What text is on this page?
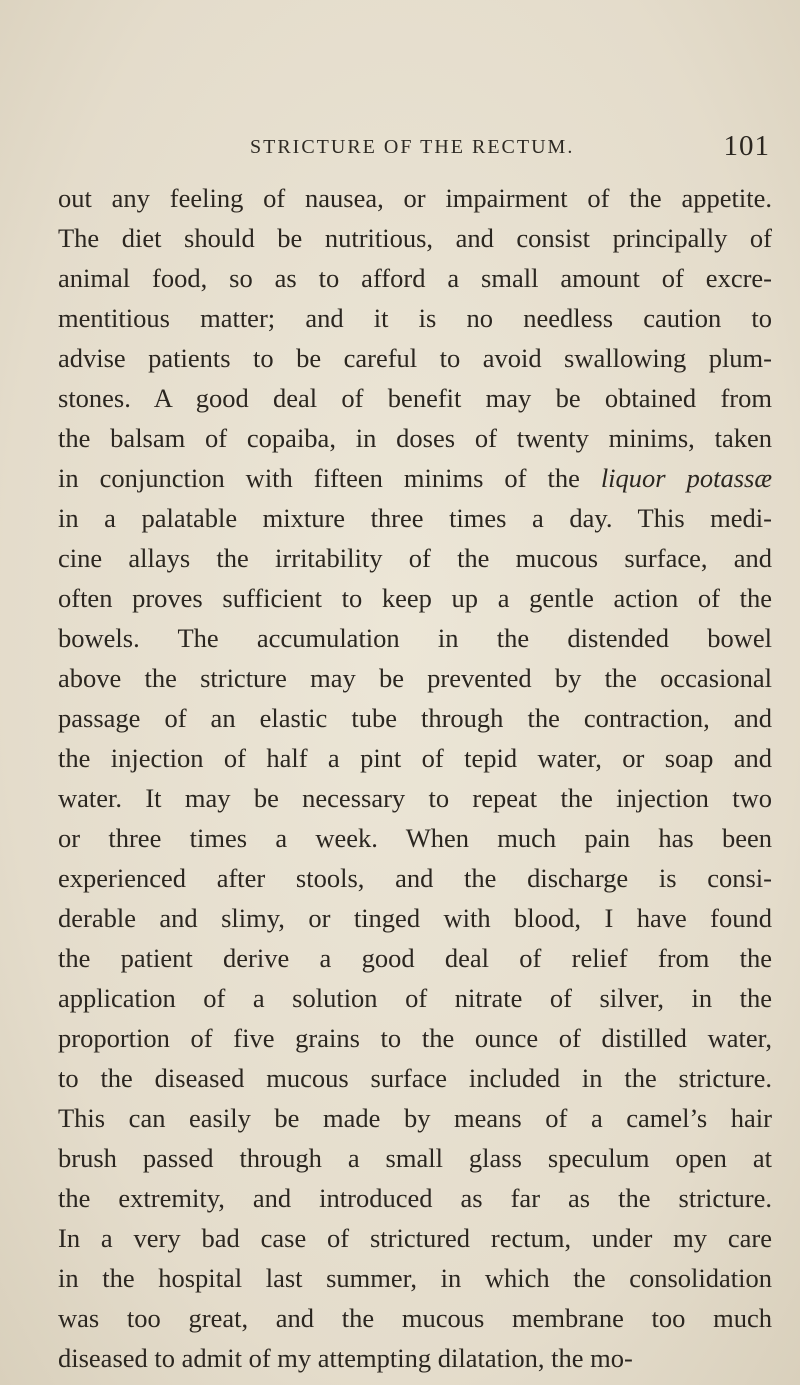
STRICTURE OF THE RECTUM.	101
out any feeling of nausea, or impairment of the appetite.
The diet should be nutritious, and consist principally of
animal food, so as to afford a small amount of excre-
mentitious matter; and it is no needless caution to
advise patients to be careful to avoid swallowing plum-
stones. A good deal of benefit may be obtained from
the balsam of copaiba, in doses of twenty minims, taken
in conjunction with fifteen minims of the liquor potassæ
in a palatable mixture three times a day. This medi-
cine allays the irritability of the mucous surface, and
often proves sufficient to keep up a gentle action of the
bowels. The accumulation in the distended bowel
above the stricture may be prevented by the occasional
passage of an elastic tube through the contraction, and
the injection of half a pint of tepid water, or soap and
water. It may be necessary to repeat the injection two
or three times a week. When much pain has been
experienced after stools, and the discharge is consi-
derable and slimy, or tinged with blood, I have found
the patient derive a good deal of relief from the
application of a solution of nitrate of silver, in the
proportion of five grains to the ounce of distilled water,
to the diseased mucous surface included in the stricture.
This can easily be made by means of a camel’s hair
brush passed through a small glass speculum open at
the extremity, and introduced as far as the stricture.
In a very bad case of strictured rectum, under my care
in the hospital last summer, in which the consolidation
was too great, and the mucous membrane too much
diseased to admit of my attempting dilatation, the mo-
